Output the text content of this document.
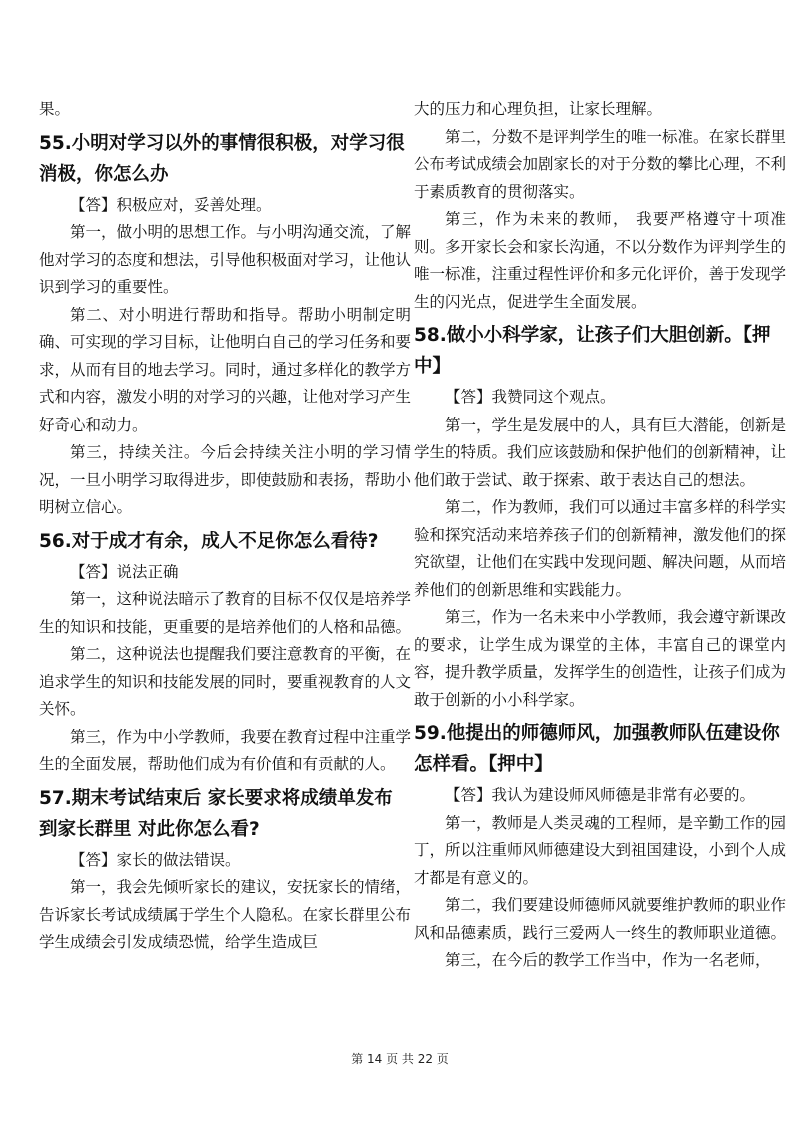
果。

55.小明对学习以外的事情很积极，对学习很消极，你怎么办

【答】积极应对，妥善处理。

第一，做小明的思想工作。与小明沟通交流，了解他对学习的态度和想法，引导他积极面对学习，让他认识到学习的重要性。

第二、对小明进行帮助和指导。帮助小明制定明确、可实现的学习目标，让他明白自己的学习任务和要求，从而有目的地去学习。同时，通过多样化的教学方式和内容，激发小明的对学习的兴趣，让他对学习产生好奇心和动力。

第三，持续关注。今后会持续关注小明的学习情况，一旦小明学习取得进步，即使鼓励和表扬，帮助小明树立信心。

56.对于成才有余，成人不足你怎么看待?

【答】说法正确

第一，这种说法暗示了教育的目标不仅仅是培养学生的知识和技能，更重要的是培养他们的人格和品德。

第二，这种说法也提醒我们要注意教育的平衡，在追求学生的知识和技能发展的同时，要重视教育的人文关怀。

第三，作为中小学教师，我要在教育过程中注重学生的全面发展，帮助他们成为有价值和有贡献的人。

57.期末考试结束后 家长要求将成绩单发布到家长群里 对此你怎么看?

【答】家长的做法错误。

第一，我会先倾听家长的建议，安抚家长的情绪，告诉家长考试成绩属于学生个人隐私。在家长群里公布学生成绩会引发成绩恐慌，给学生造成巨

大的压力和心理负担，让家长理解。

第二，分数不是评判学生的唯一标准。在家长群里公布考试成绩会加剧家长的对于分数的攀比心理，不利于素质教育的贯彻落实。

第三，作为未来的教师， 我要严格遵守十项准则。多开家长会和家长沟通，不以分数作为评判学生的唯一标准，注重过程性评价和多元化评价，善于发现学生的闪光点，促进学生全面发展。

58.做小小科学家，让孩子们大胆创新。【押中】

【答】我赞同这个观点。

第一，学生是发展中的人，具有巨大潜能，创新是学生的特质。我们应该鼓励和保护他们的创新精神，让他们敢于尝试、敢于探索、敢于表达自己的想法。

第二，作为教师，我们可以通过丰富多样的科学实验和探究活动来培养孩子们的创新精神，激发他们的探究欲望，让他们在实践中发现问题、解决问题，从而培养他们的创新思维和实践能力。

第三，作为一名未来中小学教师，我会遵守新课改的要求，让学生成为课堂的主体，丰富自己的课堂内容，提升教学质量，发挥学生的创造性，让孩子们成为敢于创新的小小科学家。

59.他提出的师德师风，加强教师队伍建设你怎样看。【押中】

【答】我认为建设师风师德是非常有必要的。

第一，教师是人类灵魂的工程师，是辛勤工作的园丁，所以注重师风师德建设大到祖国建设，小到个人成才都是有意义的。

第二，我们要建设师德师风就要维护教师的职业作风和品德素质，践行三爱两人一终生的教师职业道德。

第三，在今后的教学工作当中，作为一名老师，

第 14 页 共 22 页
